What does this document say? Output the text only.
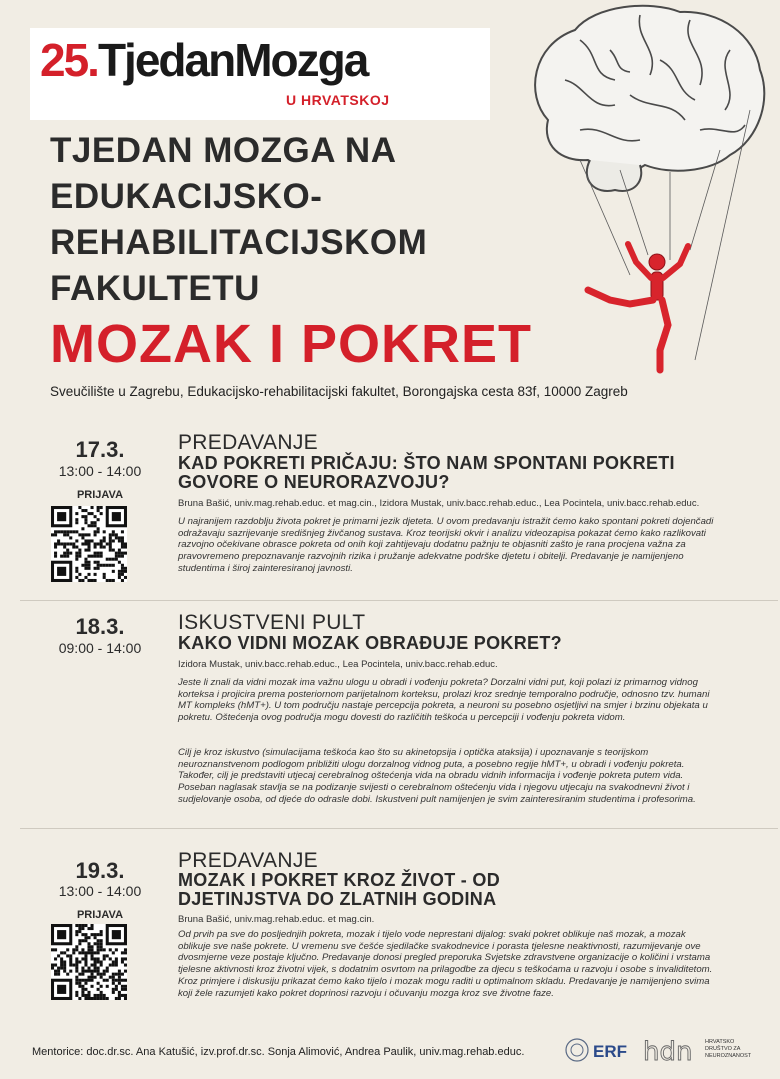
25.TjedanMozga
U HRVATSKOJ
TJEDAN MOZGA NA EDUKACIJSKO-REHABILITACIJSKOM FAKULTETU
MOZAK I POKRET
Sveučilište u Zagrebu, Edukacijsko-rehabilitacijski fakultet, Borongajska cesta 83f, 10000 Zagreb
17.3.
13:00 - 14:00
PRIJAVA
PREDAVANJE
KAD POKRETI PRIČAJU: ŠTO NAM SPONTANI POKRETI GOVORE O NEURORAZVOJU?
Bruna Bašić, univ.mag.rehab.educ. et mag.cin., Izidora Mustak, univ.bacc.rehab.educ., Lea Pocintela, univ.bacc.rehab.educ.
U najranijem razdoblju života pokret je primarni jezik djeteta. U ovom predavanju istražit ćemo kako spontani pokreti dojenčadi odražavaju sazrijevanje središnjeg živčanog sustava. Kroz teorijski okvir i analizu videozapisa pokazat ćemo kako razlikovati razvojno očekivane obrasce pokreta od onih koji zahtijevaju dodatnu pažnju te objasniti zašto je rana procjena važna za pravovremeno prepoznavanje razvojnih rizika i pružanje adekvatne podrške djetetu i obitelji. Predavanje je namijenjeno studentima i široj zainteresiranoj javnosti.
18.3.
09:00 - 14:00
ISKUSTVENI PULT
KAKO VIDNI MOZAK OBRAĐUJE POKRET?
Izidora Mustak, univ.bacc.rehab.educ., Lea Pocintela, univ.bacc.rehab.educ.
Jeste li znali da vidni mozak ima važnu ulogu u obradi i vođenju pokreta? Dorzalni vidni put, koji polazi iz primarnog vidnog korteksa i projicira prema posteriornom parijetalnom korteksu, prolazi kroz srednje temporalno područje, odnosno tzv. humani MT kompleks (hMT+). U tom području nastaje percepcija pokreta, a neuroni su posebno osjetljivi na smjer i brzinu objekata u pokretu. Oštećenja ovog područja mogu dovesti do različitih teškoća u percepciji i vođenju pokreta vidom.
Cilj je kroz iskustvo (simulacijama teškoća kao što su akinetopsija i optička ataksija) i upoznavanje s teorijskom neuroznanstvenom podlogom približiti ulogu dorzalnog vidnog puta, a posebno regije hMT+, u obradi i vođenju pokreta. Također, cilj je predstaviti utjecaj cerebralnog oštećenja vida na obradu vidnih informacija i vođenje pokreta putem vida. Poseban naglasak stavlja se na podizanje svijesti o cerebralnom oštećenju vida i njegovu utjecaju na svakodnevni život i sudjelovanje osoba, od djeće do odrasle dobi. Iskustveni pult namijenjen je svim zainteresiranim studentima i profesorima.
19.3.
13:00 - 14:00
PRIJAVA
PREDAVANJE
MOZAK I POKRET KROZ ŽIVOT - OD DJETINJSTVA DO ZLATNIH GODINA
Bruna Bašić, univ.mag.rehab.educ. et mag.cin.
Od prvih pa sve do posljednjih pokreta, mozak i tijelo vode neprestani dijalog: svaki pokret oblikuje naš mozak, a mozak oblikuje sve naše pokrete. U vremenu sve češće sjedilačke svakodnevice i porasta tjelesne neaktivnosti, razumijevanje ove dvosmjerne veze postaje ključno. Predavanje donosi pregled preporuka Svjetske zdravstvene organizacije o količini i vrstama tjelesne aktivnosti kroz životni vijek, s dodatnim osvrtom na prilagodbe za djecu s teškoćama u razvoju i osobe s invaliditetom. Kroz primjere i diskusiju prikazat ćemo kako tijelo i mozak mogu raditi u optimalnom skladu. Predavanje je namijenjeno svima koji žele razumjeti kako pokret doprinosi razvoju i očuvanju mozga kroz sve životne faze.
Mentorice: doc.dr.sc. Ana Katušić, izv.prof.dr.sc. Sonja Alimović, Andrea Paulik, univ.mag.rehab.educ.	ERF hdn HRVATSKO
DRUŠTVO ZA
NEUROZNANOST
